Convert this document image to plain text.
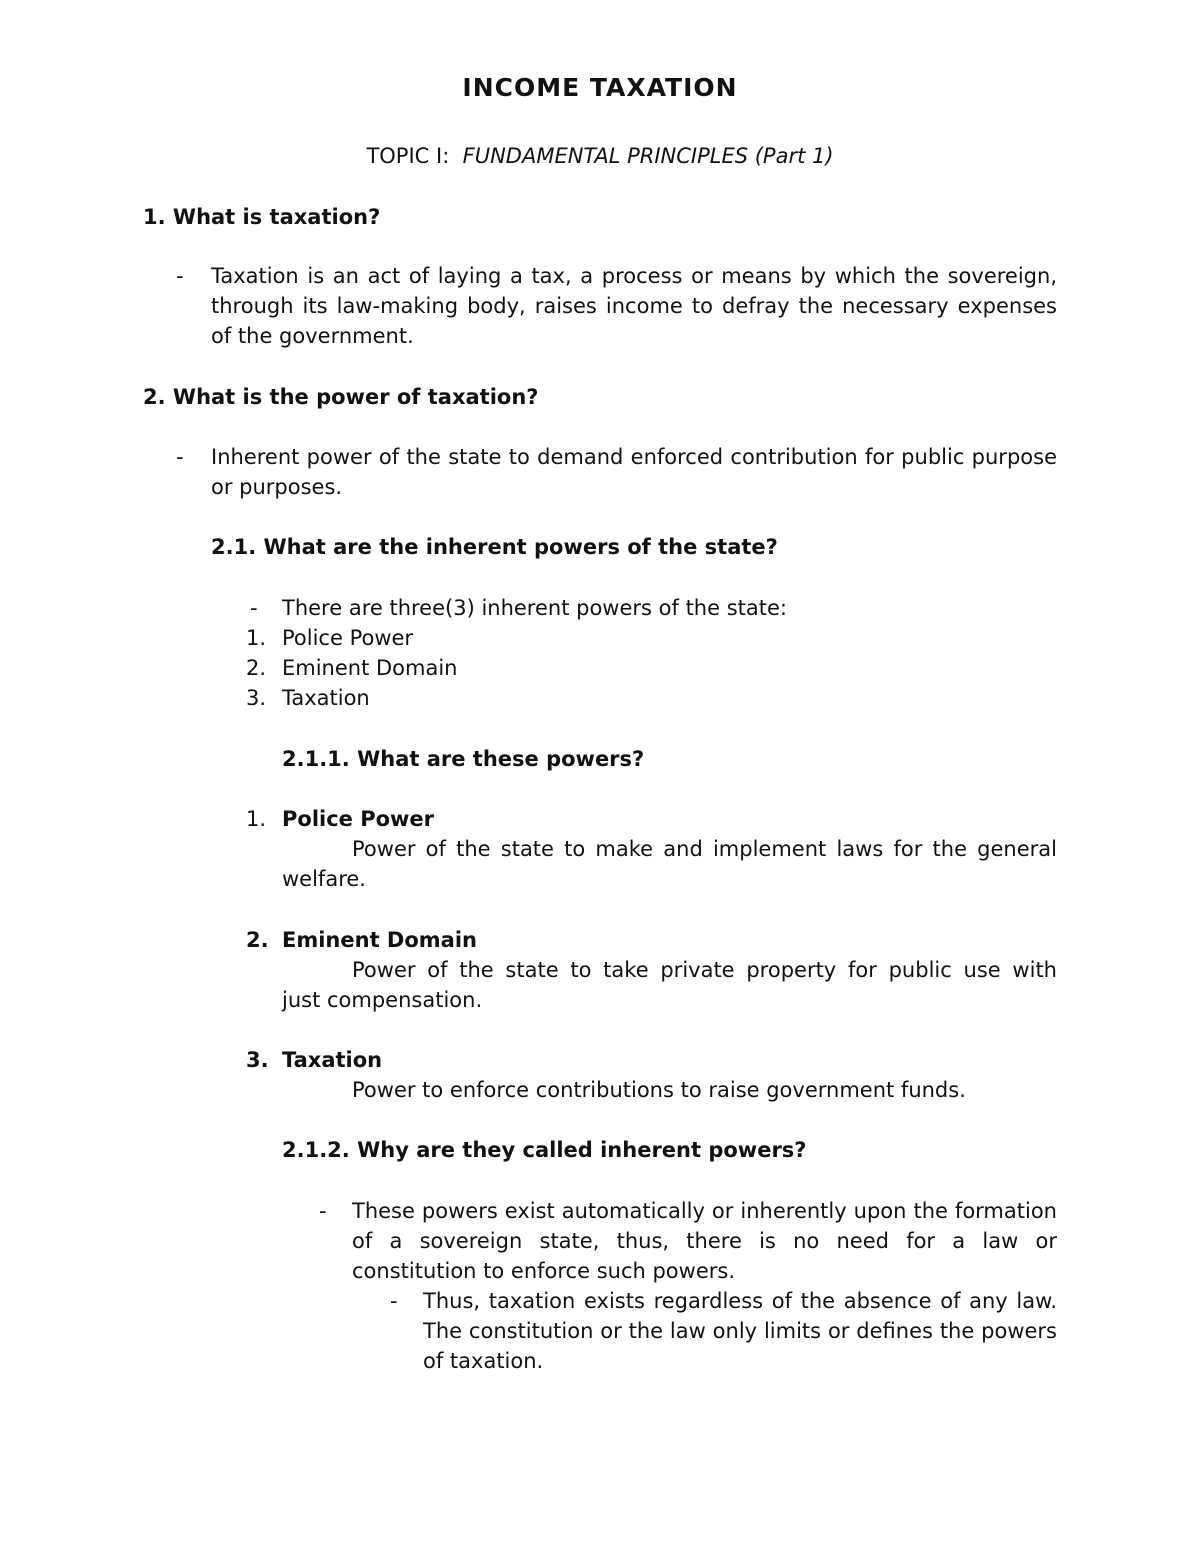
INCOME TAXATION
TOPIC I: FUNDAMENTAL PRINCIPLES (Part 1)
1. What is taxation?
- Taxation is an act of laying a tax, a process or means by which the sovereign, through its law-making body, raises income to defray the necessary expenses of the government.
2. What is the power of taxation?
- Inherent power of the state to demand enforced contribution for public purpose or purposes.
2.1. What are the inherent powers of the state?
- There are three(3) inherent powers of the state:
1. Police Power
2. Eminent Domain
3. Taxation
2.1.1. What are these powers?
1. Police Power
Power of the state to make and implement laws for the general
welfare.
2. Eminent Domain
Power of the state to take private property for public use with
just compensation.
3. Taxation
Power to enforce contributions to raise government funds.
2.1.2. Why are they called inherent powers?
- These powers exist automatically or inherently upon the formation of a sovereign state, thus, there is no need for a law or constitution to enforce such powers.
- Thus, taxation exists regardless of the absence of any law. The constitution or the law only limits or defines the powers of taxation.
